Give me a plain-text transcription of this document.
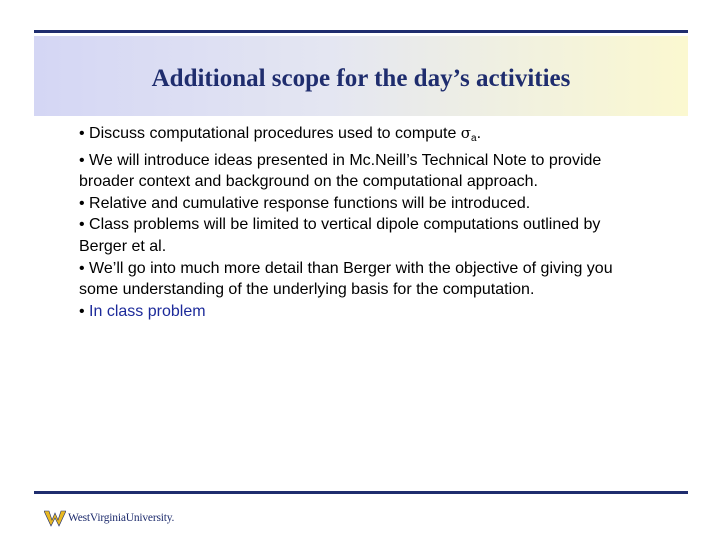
Additional scope for the day’s activities

• Discuss computational procedures used to compute $\sigma_a$.

• We will introduce ideas presented in Mc.Neill’s Technical Note to provide broader context and background on the computational approach.

• Relative and cumulative response functions will be introduced.

• Class problems will be limited to vertical dipole computations outlined by Berger et al.

• We’ll go into much more detail than Berger with the objective of giving you some understanding of the underlying basis for the computation.

• In class problem

WestVirginiaUniversity.
